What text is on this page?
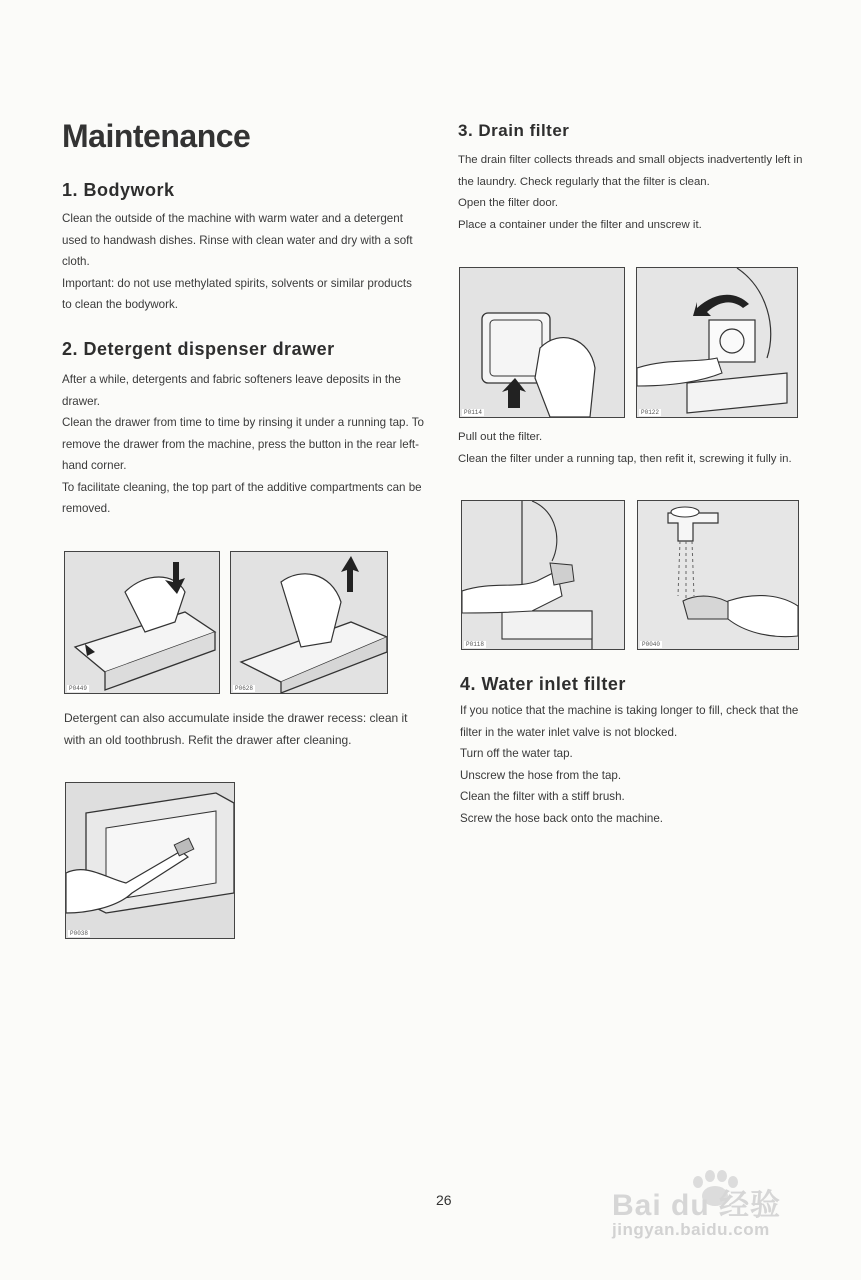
Maintenance
1. Bodywork

Clean the outside of the machine with warm water and a detergent used to handwash dishes. Rinse with clean water and dry with a soft cloth.

Important: do not use methylated spirits, solvents or similar products to clean the bodywork.

2. Detergent dispenser drawer

After a while, detergents and fabric softeners leave deposits in the drawer.

Clean the drawer from time to time by rinsing it under a running tap. To remove the drawer from the machine, press the button in the rear left-hand corner.

To facilitate cleaning, the top part of the additive compartments can be removed.

P0449	P0628

Detergent can also accumulate inside the drawer recess: clean it with an old toothbrush. Refit the drawer after cleaning.

P0038
3. Drain filter

The drain filter collects threads and small objects inadvertently left in the laundry. Check regularly that the filter is clean.

Open the filter door.

Place a container under the filter and unscrew it.

P0114	P0122

Pull out the filter.

Clean the filter under a running tap, then refit it, screwing it fully in.

P0118	P0040
4. Water inlet filter

If you notice that the machine is taking longer to fill, check that the filter in the water inlet valve is not blocked.

Turn off the water tap.

Unscrew the hose from the tap.

Clean the filter with a stiff brush.

Screw the hose back onto the machine.

26	Bai du 经验
jingyan.baidu.com
